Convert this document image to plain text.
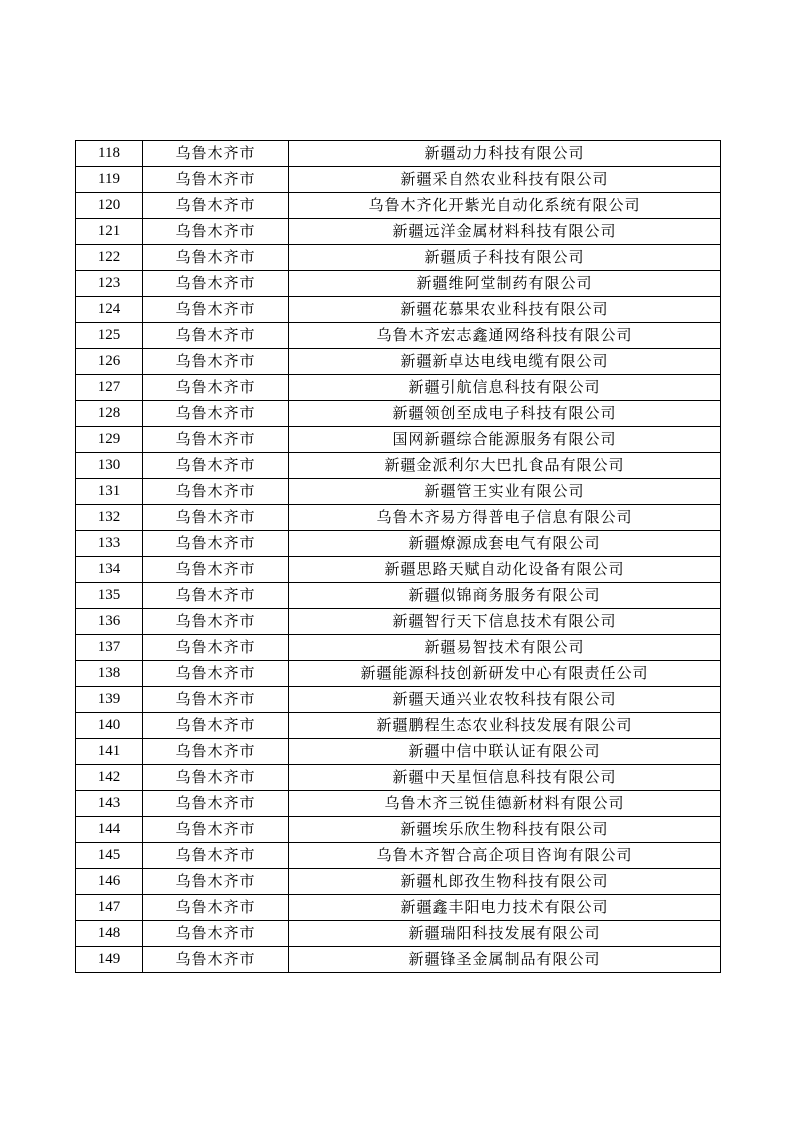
118	乌鲁木齐市	新疆动力科技有限公司
119	乌鲁木齐市	新疆采自然农业科技有限公司
120	乌鲁木齐市	乌鲁木齐化开紫光自动化系统有限公司
121	乌鲁木齐市	新疆远洋金属材料科技有限公司
122	乌鲁木齐市	新疆质子科技有限公司
123	乌鲁木齐市	新疆维阿堂制药有限公司
124	乌鲁木齐市	新疆花慕果农业科技有限公司
125	乌鲁木齐市	乌鲁木齐宏志鑫通网络科技有限公司
126	乌鲁木齐市	新疆新卓达电线电缆有限公司
127	乌鲁木齐市	新疆引航信息科技有限公司
128	乌鲁木齐市	新疆领创至成电子科技有限公司
129	乌鲁木齐市	国网新疆综合能源服务有限公司
130	乌鲁木齐市	新疆金派利尔大巴扎食品有限公司
131	乌鲁木齐市	新疆管王实业有限公司
132	乌鲁木齐市	乌鲁木齐易方得普电子信息有限公司
133	乌鲁木齐市	新疆燎源成套电气有限公司
134	乌鲁木齐市	新疆思路天赋自动化设备有限公司
135	乌鲁木齐市	新疆似锦商务服务有限公司
136	乌鲁木齐市	新疆智行天下信息技术有限公司
137	乌鲁木齐市	新疆易智技术有限公司
138	乌鲁木齐市	新疆能源科技创新研发中心有限责任公司
139	乌鲁木齐市	新疆天通兴业农牧科技有限公司
140	乌鲁木齐市	新疆鹏程生态农业科技发展有限公司
141	乌鲁木齐市	新疆中信中联认证有限公司
142	乌鲁木齐市	新疆中天星恒信息科技有限公司
143	乌鲁木齐市	乌鲁木齐三锐佳德新材料有限公司
144	乌鲁木齐市	新疆埃乐欣生物科技有限公司
145	乌鲁木齐市	乌鲁木齐智合高企项目咨询有限公司
146	乌鲁木齐市	新疆札郎孜生物科技有限公司
147	乌鲁木齐市	新疆鑫丰阳电力技术有限公司
148	乌鲁木齐市	新疆瑞阳科技发展有限公司
149	乌鲁木齐市	新疆锋圣金属制品有限公司
